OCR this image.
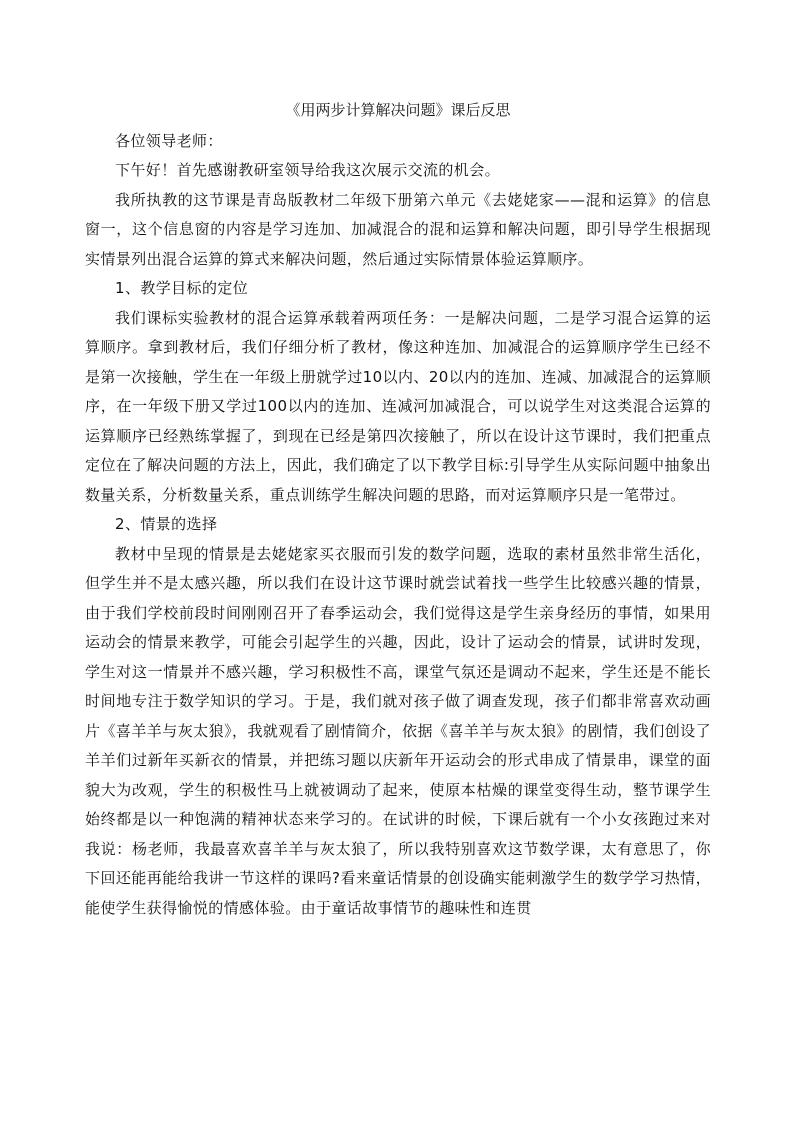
《用两步计算解决问题》课后反思

各位领导老师：

下午好！首先感谢教研室领导给我这次展示交流的机会。

我所执教的这节课是青岛版教材二年级下册第六单元《去姥姥家——混和运算》的信息窗一，这个信息窗的内容是学习连加、加减混合的混和运算和解决问题，即引导学生根据现实情景列出混合运算的算式来解决问题，然后通过实际情景体验运算顺序。

1、教学目标的定位

我们课标实验教材的混合运算承载着两项任务：一是解决问题，二是学习混合运算的运算顺序。拿到教材后，我们仔细分析了教材，像这种连加、加减混合的运算顺序学生已经不是第一次接触，学生在一年级上册就学过10以内、20以内的连加、连减、加减混合的运算顺序，在一年级下册又学过100以内的连加、连减河加减混合，可以说学生对这类混合运算的运算顺序已经熟练掌握了，到现在已经是第四次接触了，所以在设计这节课时，我们把重点定位在了解决问题的方法上，因此，我们确定了以下教学目标:引导学生从实际问题中抽象出数量关系，分析数量关系，重点训练学生解决问题的思路，而对运算顺序只是一笔带过。

2、情景的选择

教材中呈现的情景是去姥姥家买衣服而引发的数学问题，选取的素材虽然非常生活化，但学生并不是太感兴趣，所以我们在设计这节课时就尝试着找一些学生比较感兴趣的情景，由于我们学校前段时间刚刚召开了春季运动会，我们觉得这是学生亲身经历的事情，如果用运动会的情景来教学，可能会引起学生的兴趣，因此，设计了运动会的情景，试讲时发现，学生对这一情景并不感兴趣，学习积极性不高，课堂气氛还是调动不起来，学生还是不能长时间地专注于数学知识的学习。于是，我们就对孩子做了调查发现，孩子们都非常喜欢动画片《喜羊羊与灰太狼》，我就观看了剧情简介，依据《喜羊羊与灰太狼》的剧情，我们创设了羊羊们过新年买新衣的情景，并把练习题以庆新年开运动会的形式串成了情景串，课堂的面貌大为改观，学生的积极性马上就被调动了起来，使原本枯燥的课堂变得生动，整节课学生始终都是以一种饱满的精神状态来学习的。在试讲的时候，下课后就有一个小女孩跑过来对我说：杨老师，我最喜欢喜羊羊与灰太狼了，所以我特别喜欢这节数学课，太有意思了，你下回还能再能给我讲一节这样的课吗?看来童话情景的创设确实能刺激学生的数学学习热情，能使学生获得愉悦的情感体验。由于童话故事情节的趣味性和连贯
